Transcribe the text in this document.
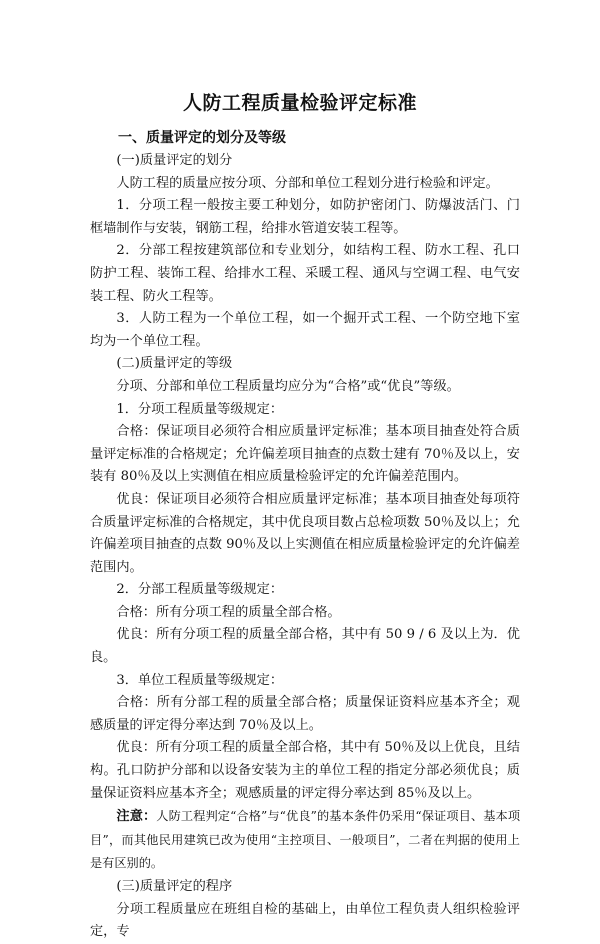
人防工程质量检验评定标准
一、质量评定的划分及等级

(一)质量评定的划分

人防工程的质量应按分项、分部和单位工程划分进行检验和评定。

1．分项工程一般按主要工种划分，如防护密闭门、防爆波活门、门框墙制作与安装，钢筋工程，给排水管道安装工程等。

2．分部工程按建筑部位和专业划分，如结构工程、防水工程、孔口防护工程、装饰工程、给排水工程、采暖工程、通风与空调工程、电气安装工程、防火工程等。

3．人防工程为一个单位工程，如一个掘开式工程、一个防空地下室均为一个单位工程。

(二)质量评定的等级

分项、分部和单位工程质量均应分为“合格”或“优良”等级。

1．分项工程质量等级规定：

合格：保证项目必须符合相应质量评定标准；基本项目抽查处符合质量评定标准的合格规定；允许偏差项目抽查的点数士建有 70％及以上，安装有 80％及以上实测值在相应质量检验评定的允许偏差范围内。

优良：保证项目必须符合相应质量评定标准；基本项目抽查处每项符合质量评定标准的合格规定，其中优良项目数占总检项数 50％及以上；允许偏差项目抽查的点数 90％及以上实测值在相应质量检验评定的允许偏差范围内。

2．分部工程质量等级规定：

合格：所有分项工程的质量全部合格。

优良：所有分项工程的质量全部合格，其中有 50 9 / 6 及以上为．优良。

3．单位工程质量等级规定：

合格：所有分部工程的质量全部合格；质量保证资料应基本齐全；观感质量的评定得分率达到 70％及以上。

优良：所有分项工程的质量全部合格，其中有 50％及以上优良，且结构。孔口防护分部和以设备安装为主的单位工程的指定分部必须优良；质量保证资料应基本齐全；观感质量的评定得分率达到 85％及以上。

注意：人防工程判定“合格”与“优良”的基本条件仍采用“保证项目、基本项目”，而其他民用建筑已改为使用“主控项目、一般项目”，二者在判据的使用上是有区别的。

(三)质量评定的程序

分项工程质量应在班组自检的基础上，由单位工程负责人组织检验评定，专
